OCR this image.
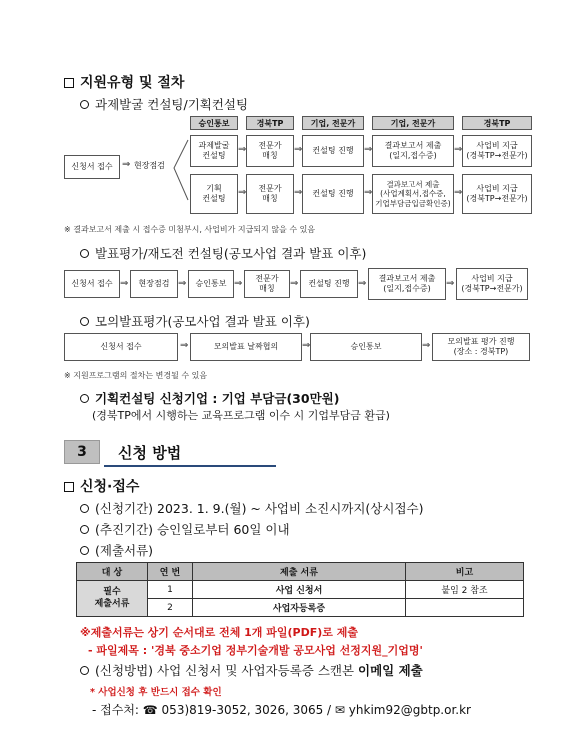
지원유형 및 절차
과제발굴 컨설팅/기획컨설팅
승인통보	경북TP	기업, 전문가	기업, 전문가	경북TP
신청서 접수 ⇒ 현장점검
과제발굴
컨설팅
⇒	전문가
매칭
⇒	컨설팅 진행	⇒	결과보고서 제출
(일지,접수증)
⇒	사업비 지급
(경북TP→전문가)
기획
컨설팅
⇒	전문가
매칭
⇒	컨설팅 진행	⇒
결과보고서 제출
(사업계획서,접수증,
기업부담금입금확인증)
⇒	사업비 지급
(경북TP→전문가)
※ 결과보고서 제출 시 접수증 미첨부시, 사업비가 지급되지 않을 수 있음
발표평가/재도전 컨설팅(공모사업 결과 발표 이후)
신청서 접수 ⇒	현장점검 ⇒	승인통보 ⇒	전문가
매칭	⇒	컨설팅 진행 ⇒	결과보고서 제출
(일지,접수증)	⇒	사업비 지급
(경북TP→전문가)
모의발표평가(공모사업 결과 발표 이후)
신청서 접수	⇒	모의발표 날짜협의	⇒	승인통보	⇒	모의발표 평가 진행
(장소 : 경북TP)
※ 지원프로그램의 절차는 변경될 수 있음
기획컨설팅 신청기업 : 기업 부담금(30만원)
(경북TP에서 시행하는 교육프로그램 이수 시 기업부담금 환급)
3	신청 방법
신청·접수
(신청기간) 2023. 1. 9.(월) ~ 사업비 소진시까지(상시접수)
(추진기간) 승인일로부터 60일 이내
(제출서류)
대 상	연 번	제출 서류	비고
필수
제출서류	1	사업 신청서	붙임 2 참조
	2	사업자등록증	
※제출서류는 상기 순서대로 전체 1개 파일(PDF)로 제출
- 파일제목 : '경북 중소기업 정부기술개발 공모사업 선정지원_기업명'
(신청방법) 사업 신청서 및 사업자등록증 스캔본 이메일 제출
* 사업신청 후 반드시 접수 확인
- 접수처: ☎ 053)819-3052, 3026, 3065 / ✉ yhkim92@gbtp.or.kr
